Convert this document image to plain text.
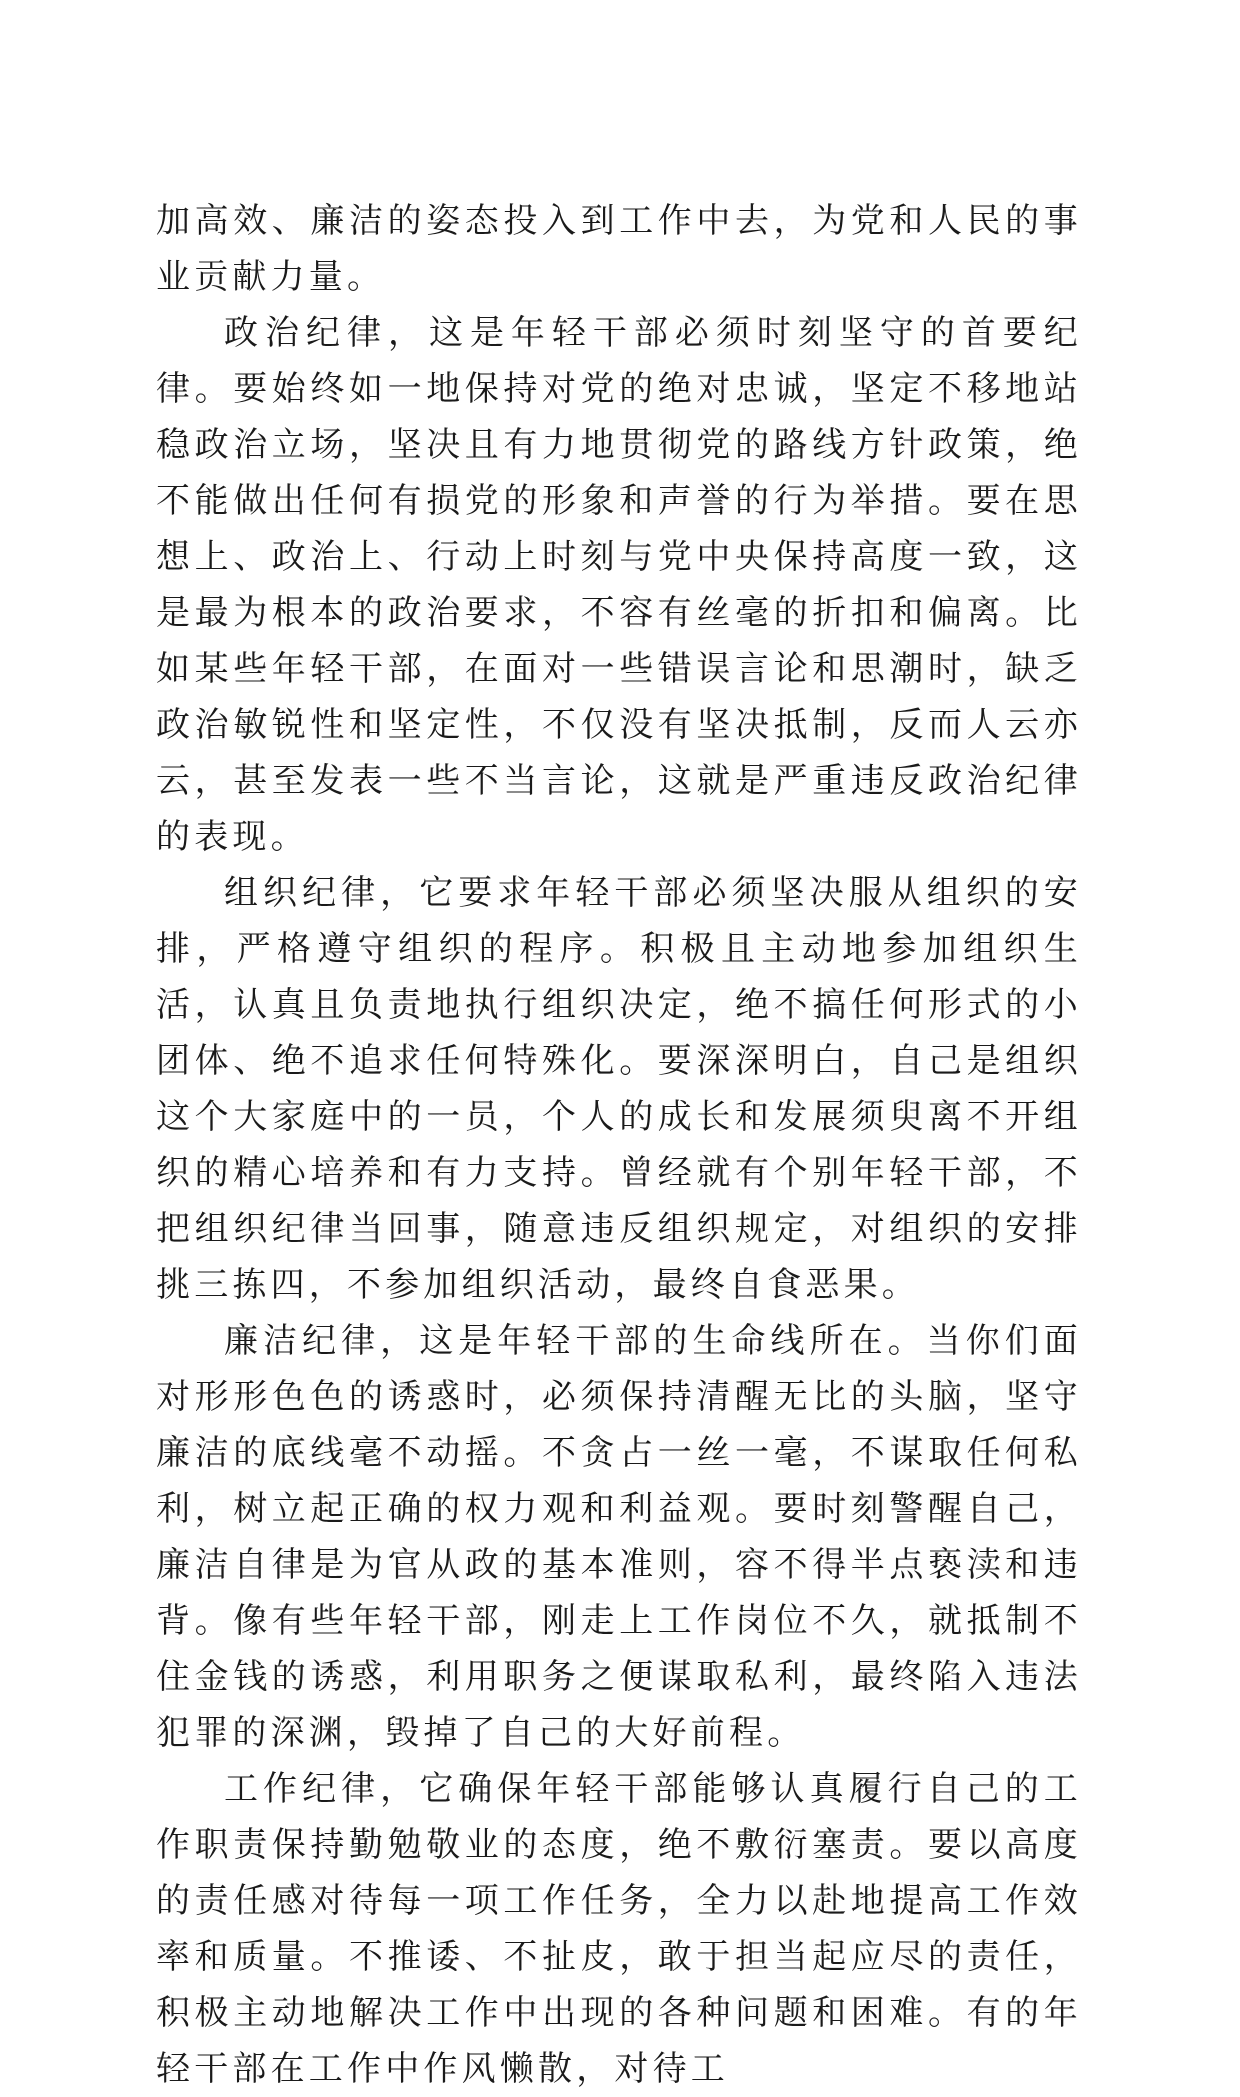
加高效、廉洁的姿态投入到工作中去，为党和人民的事业贡献力量。

政治纪律，这是年轻干部必须时刻坚守的首要纪律。要始终如一地保持对党的绝对忠诚，坚定不移地站稳政治立场，坚决且有力地贯彻党的路线方针政策，绝不能做出任何有损党的形象和声誉的行为举措。要在思想上、政治上、行动上时刻与党中央保持高度一致，这是最为根本的政治要求，不容有丝毫的折扣和偏离。比如某些年轻干部，在面对一些错误言论和思潮时，缺乏政治敏锐性和坚定性，不仅没有坚决抵制，反而人云亦云，甚至发表一些不当言论，这就是严重违反政治纪律的表现。

组织纪律，它要求年轻干部必须坚决服从组织的安排，严格遵守组织的程序。积极且主动地参加组织生活，认真且负责地执行组织决定，绝不搞任何形式的小团体、绝不追求任何特殊化。要深深明白，自己是组织这个大家庭中的一员，个人的成长和发展须臾离不开组织的精心培养和有力支持。曾经就有个别年轻干部，不把组织纪律当回事，随意违反组织规定，对组织的安排挑三拣四，不参加组织活动，最终自食恶果。

廉洁纪律，这是年轻干部的生命线所在。当你们面对形形色色的诱惑时，必须保持清醒无比的头脑，坚守廉洁的底线毫不动摇。不贪占一丝一毫，不谋取任何私利，树立起正确的权力观和利益观。要时刻警醒自己，廉洁自律是为官从政的基本准则，容不得半点亵渎和违背。像有些年轻干部，刚走上工作岗位不久，就抵制不住金钱的诱惑，利用职务之便谋取私利，最终陷入违法犯罪的深渊，毁掉了自己的大好前程。

工作纪律，它确保年轻干部能够认真履行自己的工作职责保持勤勉敬业的态度，绝不敷衍塞责。要以高度的责任感对待每一项工作任务，全力以赴地提高工作效率和质量。不推诿、不扯皮，敢于担当起应尽的责任，积极主动地解决工作中出现的各种问题和困难。有的年轻干部在工作中作风懒散，对待工
